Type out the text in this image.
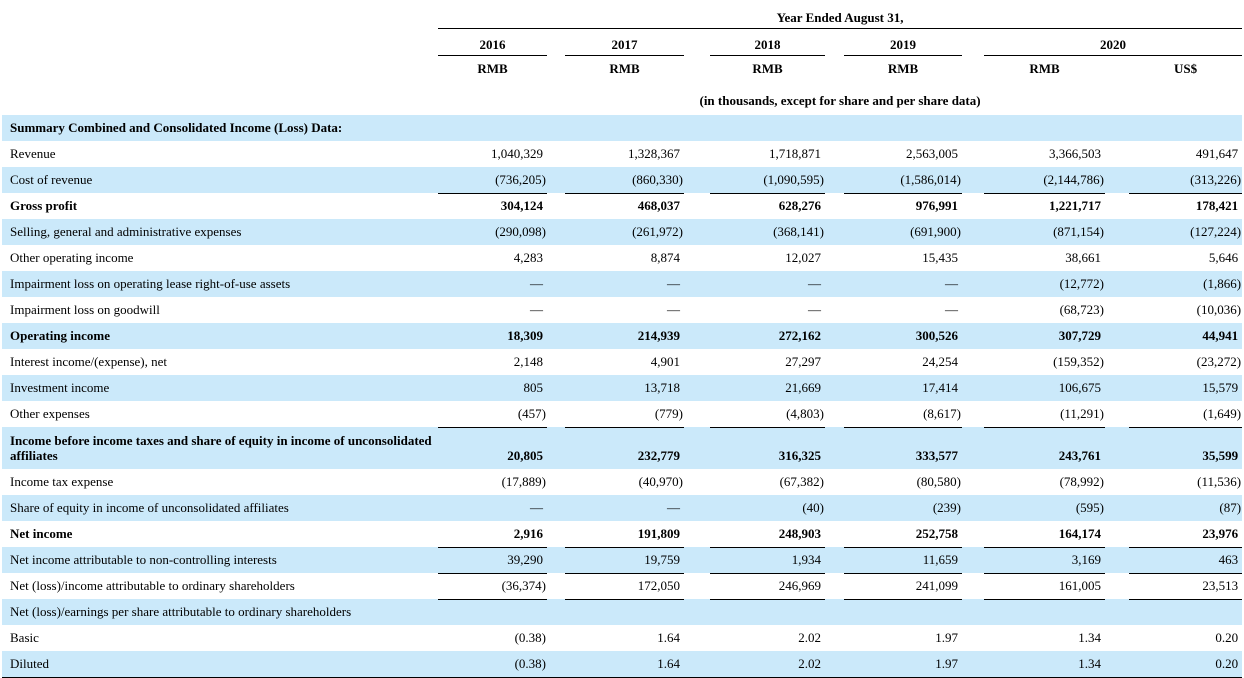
	Year Ended August 31,										
	2016		2017		2018		2019		2020		
	RMB		RMB		RMB		RMB		RMB		US$
	(in thousands, except for share and per share data)										
Summary Combined and Consolidated Income (Loss) Data:											
Revenue	1,040,329		1,328,367		1,718,871		2,563,005		3,366,503		491,647
Cost of revenue	(736,205)		(860,330)		(1,090,595)		(1,586,014)		(2,144,786)		(313,226)
Gross profit	304,124		468,037		628,276		976,991		1,221,717		178,421
Selling, general and administrative expenses	(290,098)		(261,972)		(368,141)		(691,900)		(871,154)		(127,224)
Other operating income	4,283		8,874		12,027		15,435		38,661		5,646
Impairment loss on operating lease right-of-use assets	—		—		—		—		(12,772)		(1,866)
Impairment loss on goodwill	—		—		—		—		(68,723)		(10,036)
Operating income	18,309		214,939		272,162		300,526		307,729		44,941
Interest income/(expense), net	2,148		4,901		27,297		24,254		(159,352)		(23,272)
Investment income	805		13,718		21,669		17,414		106,675		15,579
Other expenses	(457)		(779)		(4,803)		(8,617)		(11,291)		(1,649)
Income before income taxes and share of equity in income of unconsolidated affiliates	20,805		232,779		316,325		333,577		243,761		35,599
Income tax expense	(17,889)		(40,970)		(67,382)		(80,580)		(78,992)		(11,536)
Share of equity in income of unconsolidated affiliates	—		—		(40)		(239)		(595)		(87)
Net income	2,916		191,809		248,903		252,758		164,174		23,976
Net income attributable to non-controlling interests	39,290		19,759		1,934		11,659		3,169		463
Net (loss)/income attributable to ordinary shareholders	(36,374)		172,050		246,969		241,099		161,005		23,513
Net (loss)/earnings per share attributable to ordinary shareholders											
Basic	(0.38)		1.64		2.02		1.97		1.34		0.20
Diluted	(0.38)		1.64		2.02		1.97		1.34		0.20
